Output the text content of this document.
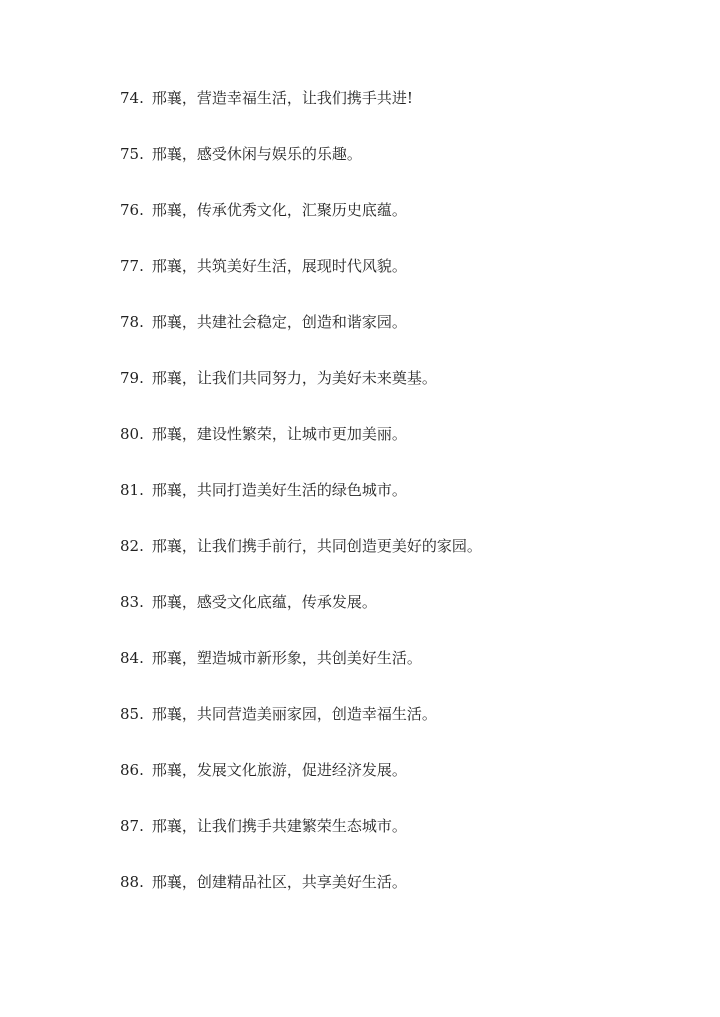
74. 邢襄，营造幸福生活，让我们携手共进!
75. 邢襄，感受休闲与娱乐的乐趣。
76. 邢襄，传承优秀文化，汇聚历史底蕴。
77. 邢襄，共筑美好生活，展现时代风貌。
78. 邢襄，共建社会稳定，创造和谐家园。
79. 邢襄，让我们共同努力，为美好未来奠基。
80. 邢襄，建设性繁荣，让城市更加美丽。
81. 邢襄，共同打造美好生活的绿色城市。
82. 邢襄，让我们携手前行，共同创造更美好的家园。
83. 邢襄，感受文化底蕴，传承发展。
84. 邢襄，塑造城市新形象，共创美好生活。
85. 邢襄，共同营造美丽家园，创造幸福生活。
86. 邢襄，发展文化旅游，促进经济发展。
87. 邢襄，让我们携手共建繁荣生态城市。
88. 邢襄，创建精品社区，共享美好生活。
